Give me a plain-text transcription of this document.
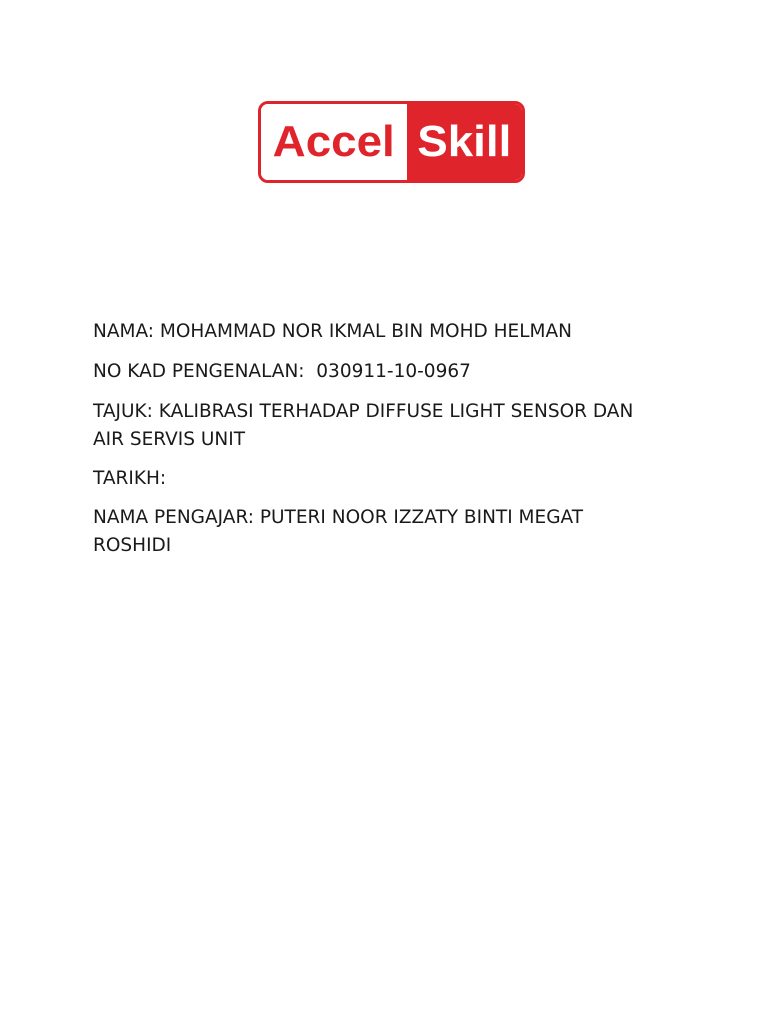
Accel Skill
NAMA: MOHAMMAD NOR IKMAL BIN MOHD HELMAN
NO KAD PENGENALAN:  030911-10-0967
TAJUK: KALIBRASI TERHADAP DIFFUSE LIGHT SENSOR DAN
AIR SERVIS UNIT
TARIKH:
NAMA PENGAJAR: PUTERI NOOR IZZATY BINTI MEGAT
ROSHIDI
